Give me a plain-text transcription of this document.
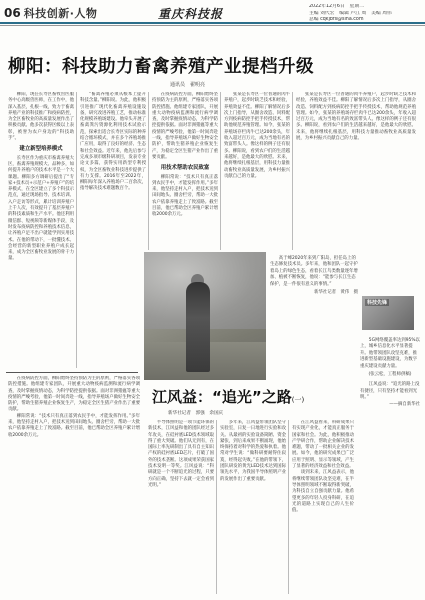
06 科技创新·人物	重庆科技报
2022年12月6日　星期二
主编 刘代宏　编辑 卢江 周　美编 周伟
总编 cqkjbfs@sina.com
柳阳：科技助力畜禽养殖产业提档升级
通讯员　翟明亮

柳阳，现任长寿区畜牧兽医服务中心高级兽医师，在工作中，他深入基层，扎根一线，致力于畜禽养殖产业的科技推广和疫病防控，为全区畜牧业的高质量发展作出了积极贡献。他多次获得区级以上表彰，被誉为农户身边的“科技助手”。

建立新型培养模式

长寿区作为重庆市畜禽养殖大区，畜禽养殖规模大、品种多，如何提升养殖户的技术水平是一个大课题。柳阳多方调研后提出了“专家+技术员+示范户+养殖户”的培养模式，在全区建立了多个科技示范点，通过现场指导、技术培训、入户走访等形式，累计培训养殖户上千人次，有效提升了基层养殖户的科技素质和生产水平。他还利用微信群、短视频等新媒体手段，及时发布疫病防控和养殖技术信息，让养殖户足不出户就能学到实用技术。在他的带动下，一批懂技术、会经营的新型职业养殖户成长起来，成为全区畜牧业发展的骨干力量。

“畜禽养殖必须从根本上提升科技含量。”柳阳说。为此，他积极引进推广现代化畜禽养殖设施设备，研究改进养殖工艺，推动标准化规模养殖场建设。他牵头开展了畜禽粪污资源化利用技术试验示范，探索出适合长寿区实际的种养结合循环模式，并在多个养殖场推广应用，取得了良好的经济、生态和社会效益。近年来，他先后参与完成多项市级科研项目，发表专业论文多篇，获得实用新型专利授权，为全区畜牧业科技进步提供了有力支撑。2016年至2022年，柳阳每年深入养殖场户二百余次，指导解决技术难题数百个。

在疫病防控方面，柳阳始终坚持预防为主的原则，严格落实各项防控措施。他组建专家团队，开展重大动物疫病监测和流行病学调查，及时掌握疫情动态，为科学防控提供依据。面对非洲猪瘟等重大疫情的严峻考验，他第一时间奔赴一线，指导养殖场户做好生物安全防护，帮助生猪养殖企业恢复生产，为稳定全区生猪产业作出了重要贡献。

用技术帮助农民致富

柳阳常说：“技术只有真正落到农民手中，才能发挥作用。”多年来，他坚持走村入户，把技术送到田间地头、圈舍栏旁，帮助一大批农户依靠养殖走上了致富路。截至目前，他已帮助全区养殖户累计增收2000余万元。

张某是长寿区一位普通的肉牛养殖户，起步时缺乏技术和经验，养殖效益不佳。柳阳了解情况后多次上门指导，从圈舍改造、饲料配方到疫病防控手把手传授技术，帮助他规范养殖管理。如今，张某的养殖场存栏肉牛已达200余头，年收入超过百万元，成为当地有名的致富带头人。像这样的例子还有很多。柳阳说，看到农户们的生活越来越好，是他最大的欣慰。未来，他将继续扎根基层，用科技力量推动畜牧业高质量发展，为乡村振兴贡献自己的力量。

张某是长寿区一位普通的肉牛养殖户，起步时缺乏技术和经验，养殖效益不佳。柳阳了解情况后多次上门指导，从圈舍改造、饲料配方到疫病防控手把手传授技术，帮助他规范养殖管理。如今，张某的养殖场存栏肉牛已达200余头，年收入超过百万元，成为当地有名的致富带头人。像这样的例子还有很多。柳阳说，看到农户们的生活越来越好，是他最大的欣慰。未来，他将继续扎根基层，用科技力量推动畜牧业高质量发展，为乡村振兴贡献自己的力量。

高于峰2020年来到广阳岛，担任岛上的生态修复技术员。多年来，他和团队一起守护着岛上的绿色生态，看着长江鸟类数量逐年增加、植被不断恢复，他说：“能参与长江生态保护，是一件很有意义的事情。”

新华社记者　黄伟　摄
科技先锋

5G网络覆盖率达到95%以上，城乡信息化水平显著提升。他带领团队攻坚克难，推进新型基础设施建设，为数字重庆建设贡献力量。

(张云松，工程师供稿)

江风益说：“追光的路上没有捷径，只有坚持才能看到光明。”

——摘自新华社

在疫病防控方面，柳阳始终坚持预防为主的原则，严格落实各项防控措施。他组建专家团队，开展重大动物疫病监测和流行病学调查，及时掌握疫情动态，为科学防控提供依据。面对非洲猪瘟等重大疫情的严峻考验，他第一时间奔赴一线，指导养殖场户做好生物安全防护，帮助生猪养殖企业恢复生产，为稳定全区生猪产业作出了重要贡献。

柳阳常说：“技术只有真正落到农民手中，才能发挥作用。”多年来，他坚持走村入户，把技术送到田间地头、圈舍栏旁，帮助一大批农户依靠养殖走上了致富路。截至目前，他已帮助全区养殖户累计增收2000余万元。

江风益：“追光”之路(一)
新华社记者　郭强　余国庆

半导体照明是一项节能环保的新技术，江风益和他的团队经过多年攻关，在硅衬底LED技术领域取得了重大突破。他们从无到有，在国际上率先研制出了具有自主知识产权的硅衬底LED芯片，打破了国外的技术垄断。这项成果荣获国家技术发明一等奖。江风益说：“科研就是一个不断追光的过程，只要方向正确，坚持下去就一定会看到光明。”

多年来，江风益带领团队坚守实验室，日复一日地进行实验和攻关。从最初的实验设备简陋、资金紧张，到后来成果不断涌现，他始终保持着对科学的热爱和执着。他常对学生说：“做科研要耐得住寂寞，经得起失败。”在他的带领下，团队研发的黄光LED技术达到国际领先水平，为我国半导体照明产业的发展作出了重要贡献。

在江风益看来，科研成果只有实现产业化，才能真正服务于国家和社会。为此，他积极推动产学研合作，帮助企业解决技术难题，带动了一批相关企业的发展。如今，他的研究成果已广泛应用于照明、显示等领域，产生了显著的经济效益和社会效益。

谈到未来，江风益表示，他将继续带领团队攻坚克难，在半导体照明领域不断取得新突破，为科技自立自强贡献力量。他希望更多的年轻人投身科研，在追光的道路上实现自己的人生价值。
